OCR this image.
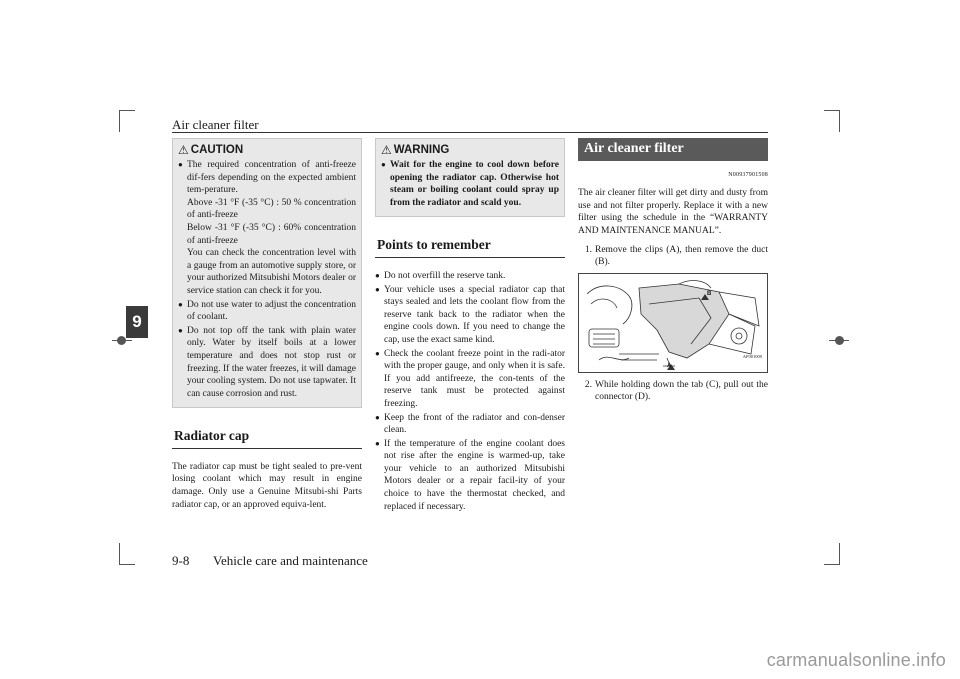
Air cleaner filter
9
⚠ CAUTION
● The required concentration of anti-freeze dif-fers depending on the expected ambient tem-perature.
Above -31 °F (-35 °C) : 50 % concentration of anti-freeze
Below -31 °F (-35 °C) : 60% concentration of anti-freeze
You can check the concentration level with a gauge from an automotive supply store, or your authorized Mitsubishi Motors dealer or service station can check it for you.
● Do not use water to adjust the concentration of coolant.
● Do not top off the tank with plain water only. Water by itself boils at a lower temperature and does not stop rust or freezing. If the water freezes, it will damage your cooling system. Do not use tapwater. It can cause corrosion and rust.
Radiator cap
The radiator cap must be tight sealed to pre-vent losing coolant which may result in engine damage. Only use a Genuine Mitsubi-shi Parts radiator cap, or an approved equiva-lent.
⚠ WARNING
● Wait for the engine to cool down before opening the radiator cap. Otherwise hot steam or boiling coolant could spray up from the radiator and scald you.
Points to remember
● Do not overfill the reserve tank.
● Your vehicle uses a special radiator cap that stays sealed and lets the coolant flow from the reserve tank back to the radiator when the engine cools down. If you need to change the cap, use the exact same kind.
● Check the coolant freeze point in the radi-ator with the proper gauge, and only when it is safe. If you add antifreeze, the con-tents of the reserve tank must be protected against freezing.
● Keep the front of the radiator and con-denser clean.
● If the temperature of the engine coolant does not rise after the engine is warmed-up, take your vehicle to an authorized Mitsubishi Motors dealer or a repair facil-ity of your choice to have the thermostat checked, and replaced if necessary.
Air cleaner filter
N00937901508
The air cleaner filter will get dirty and dusty from use and not filter properly. Replace it with a new filter using the schedule in the “WARRANTY AND MAINTENANCE MANUAL”.
1. Remove the clips (A), then remove the duct (B).
A
B
AF001009
2. While holding down the tab (C), pull out the connector (D).
9-8 Vehicle care and maintenance
carmanualsonline.info
